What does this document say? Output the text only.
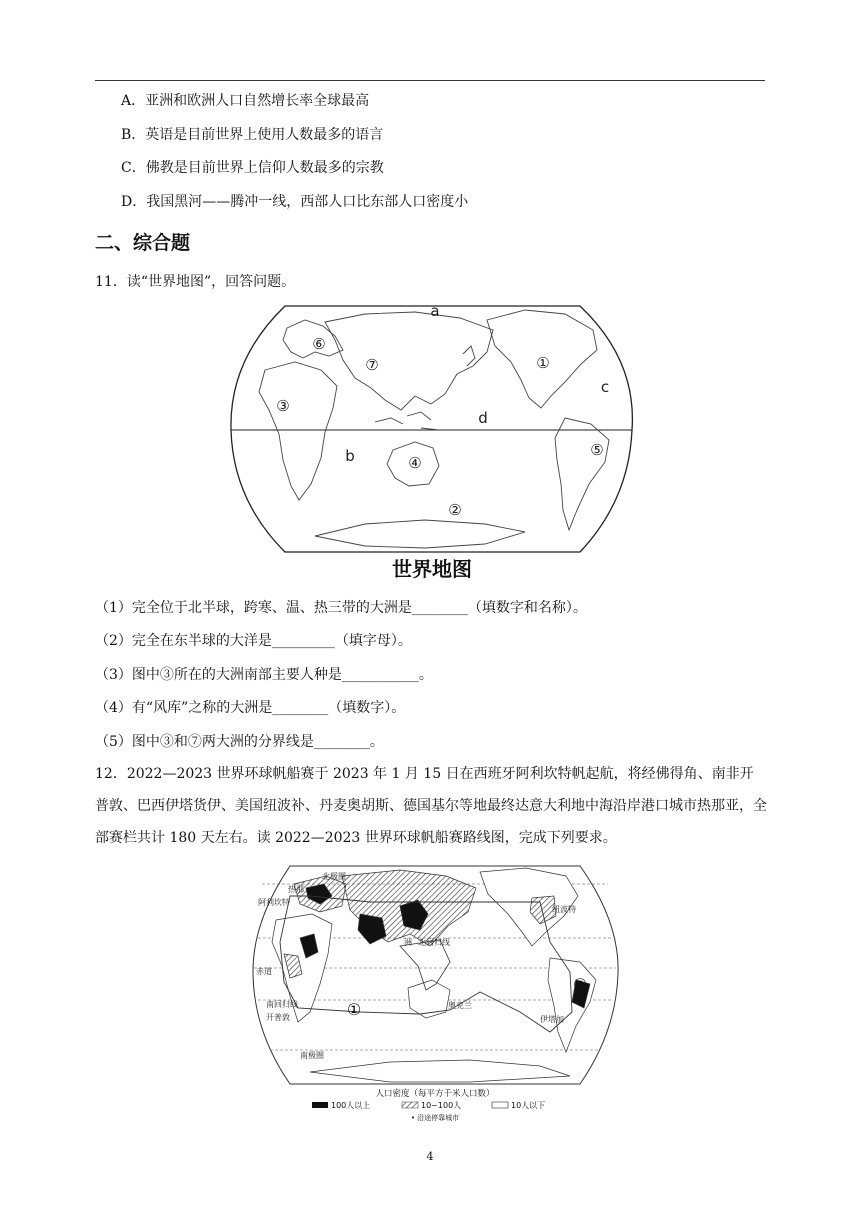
A．亚洲和欧洲人口自然增长率全球最高
B．英语是目前世界上使用人数最多的语言
C．佛教是目前世界上信仰人数最多的宗教
D．我国黑河——腾冲一线，西部人口比东部人口密度小
二、综合题
11．读“世界地图”，回答问题。
a
b
c
d
①
②
③
④
⑤
⑥
⑦
世界地图
（1）完全位于北半球，跨寒、温、热三带的大洲是________（填数字和名称）。
（2）完全在东半球的大洋是_________（填字母）。
（3）图中③所在的大洲南部主要人种是___________。
（4）有“风库”之称的大洲是________（填数字）。
（5）图中③和⑦两大洲的分界线是________。
12．2022—2023 世界环球帆船赛于 2023 年 1 月 15 日在西班牙阿利坎特帆起航，将经佛得角、南非开普敦、巴西伊塔货伊、美国纽波补、丹麦奥胡斯、德国基尔等地最终达意大利地中海沿岸港口城市热那亚，全部赛栏共计 180 天左右。读 2022—2023 世界环球帆船赛路线图，完成下列要求。
北极圈
阿利坎特
热那
纽波特
北回归线
洲
赤道
南回归线
开普敦
南极圈
伊塔加
奥克兰
①
②
人口密度（每平方千米人口数）
100人以上	10~100人	10人以下
• 沿途停靠城市
4
